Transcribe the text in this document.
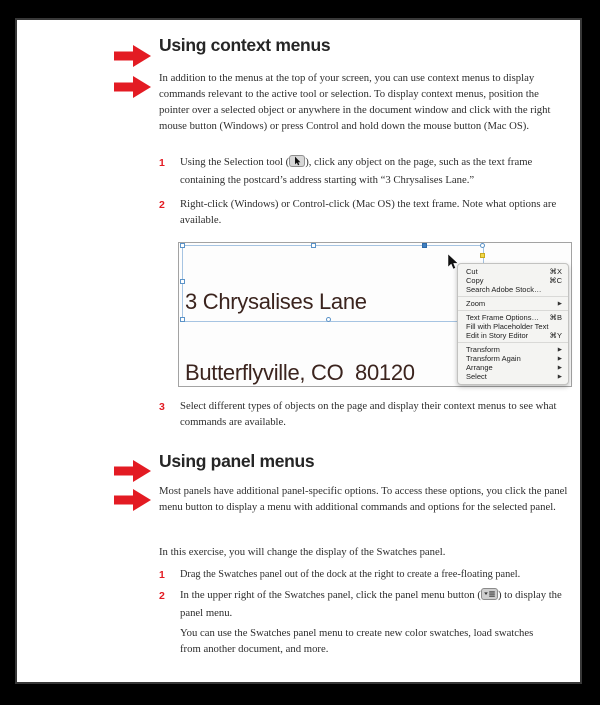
Using context menus
In addition to the menus at the top of your screen, you can use context menus to display commands relevant to the active tool or selection. To display context menus, position the pointer over a selected object or anywhere in the document window and click with the right mouse button (Windows) or press Control and hold down the mouse button (Mac OS).
1	Using the Selection tool ( ), click any object on the page, such as the text frame containing the postcard’s address starting with “3 Chrysalises Lane.”
2	Right-click (Windows) or Control-click (Mac OS) the text frame. Note what options are available.

3 Chrysalises Lane

Butterflyville, CO  80120

Cut	⌘X
Copy	⌘C
Search Adobe Stock…
Zoom	▶
Text Frame Options… ⌘B
Fill with Placeholder Text
Edit in Story Editor	⌘Y
Transform	▶
Transform Again	▶
Arrange	▶
Select	▶
3	Select different types of objects on the page and display their context menus to see what commands are available.
Using panel menus
Most panels have additional panel-specific options. To access these options, you click the panel menu button to display a menu with additional commands and options for the selected panel.
In this exercise, you will change the display of the Swatches panel.
1	Drag the Swatches panel out of the dock at the right to create a free-floating panel.
2	In the upper right of the Swatches panel, click the panel menu button ( ) to display the panel menu.
You can use the Swatches panel menu to create new color swatches, load swatches from another document, and more.
